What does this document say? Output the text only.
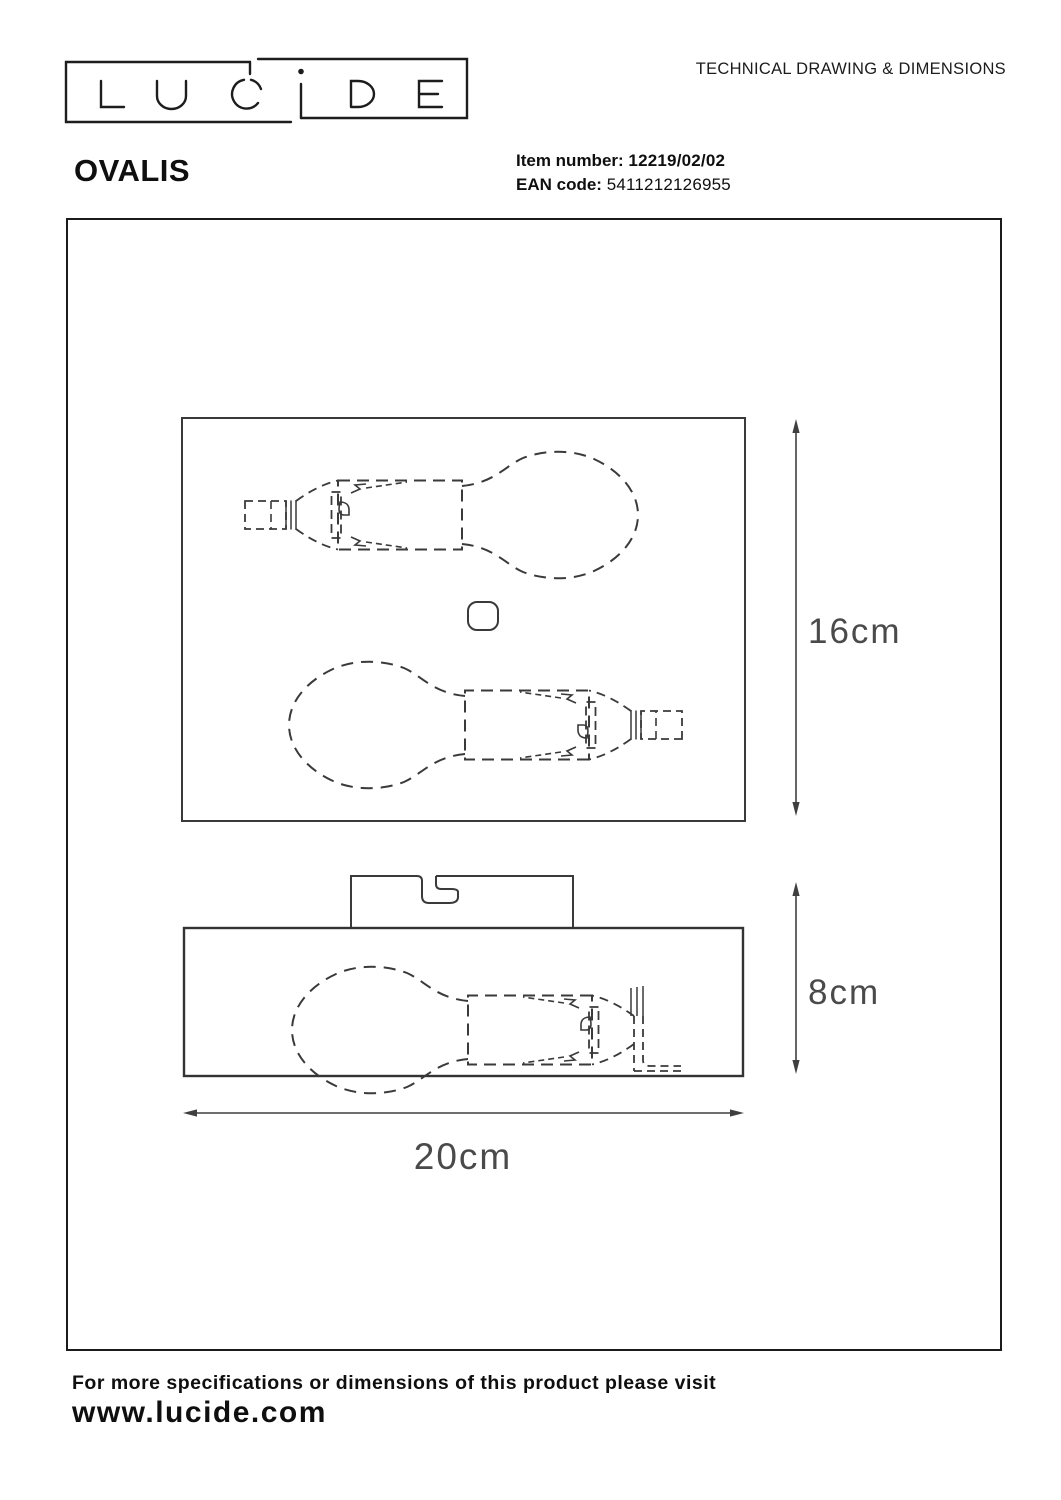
TECHNICAL DRAWING & DIMENSIONS
OVALIS	Item number: 12219/02/02
EAN code: 5411212126955
16cm
8cm
20cm
For more specifications or dimensions of this product please visit
www.lucide.com
